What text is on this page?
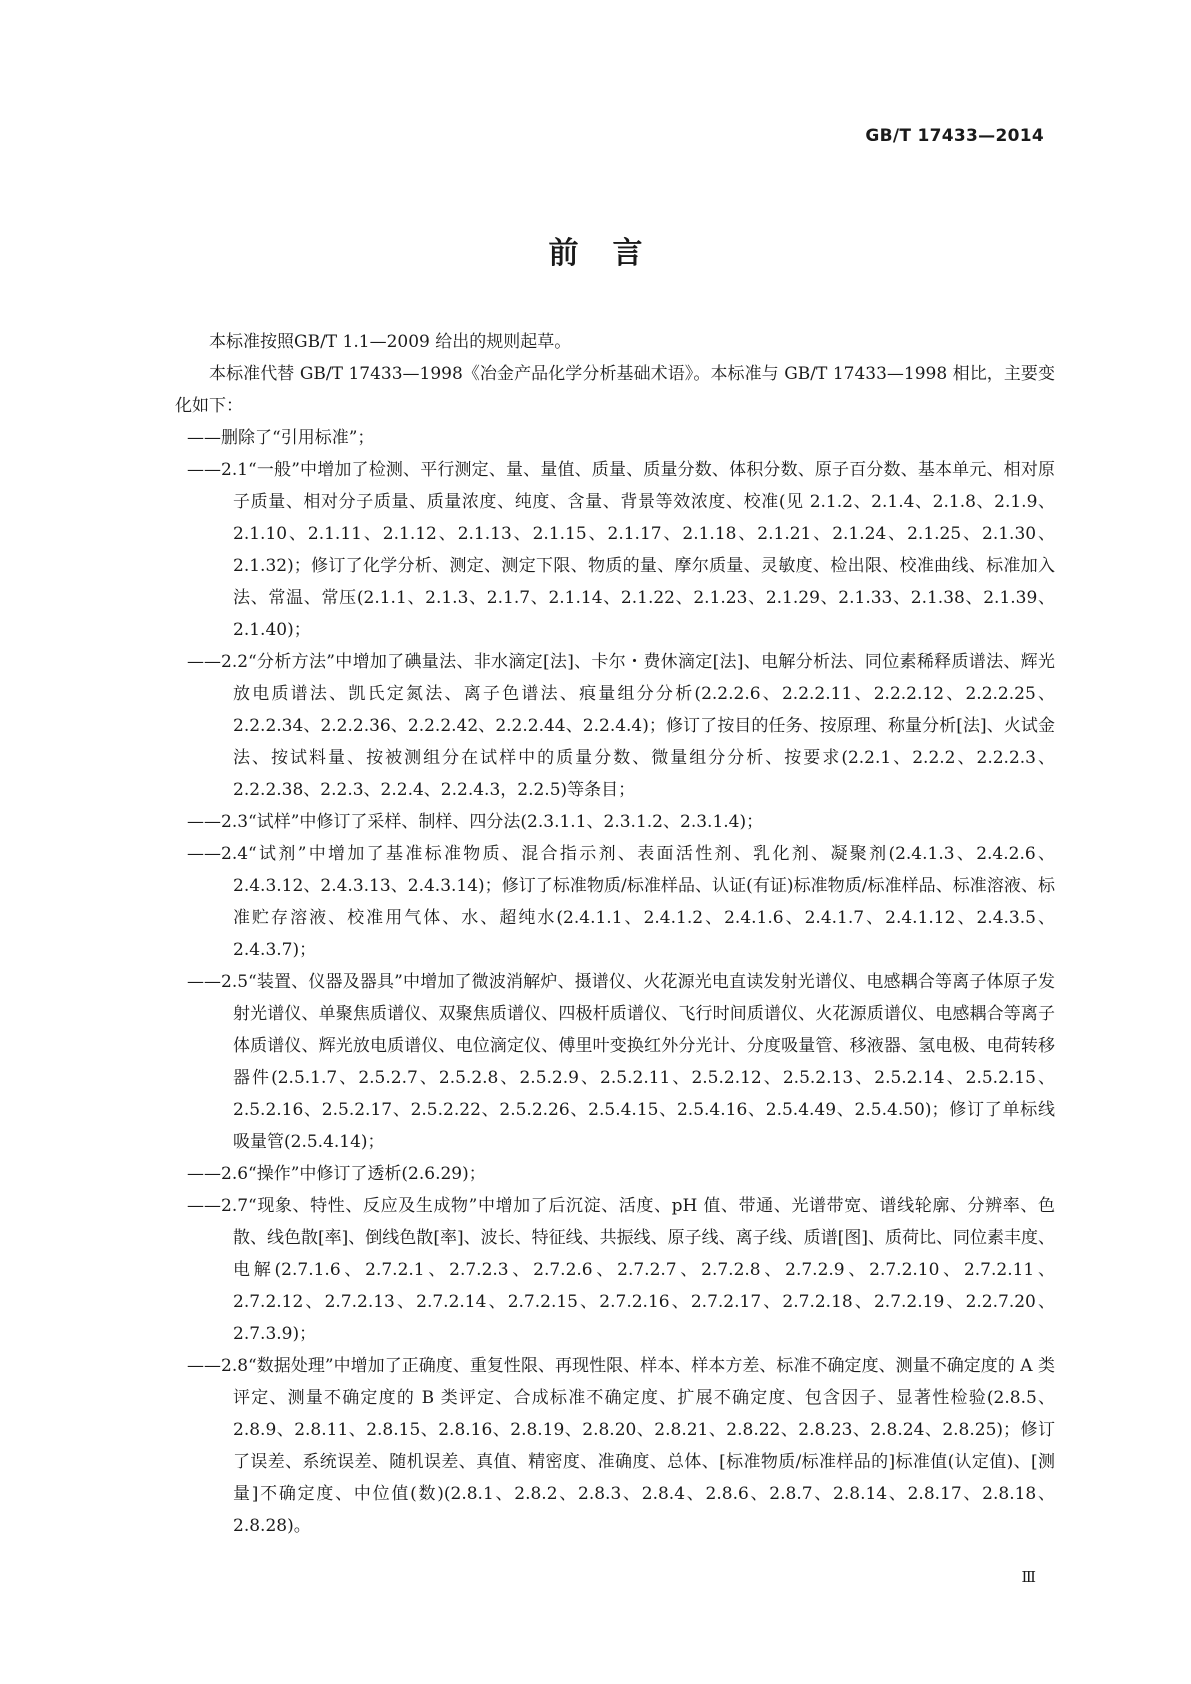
GB/T 17433—2014
前言

本标准按照GB/T 1.1—2009 给出的规则起草。

本标准代替 GB/T 17433—1998《冶金产品化学分析基础术语》。本标准与 GB/T 17433—1998 相比，主要变化如下：

——删除了“引用标准”；

——2.1“一般”中增加了检测、平行测定、量、量值、质量、质量分数、体积分数、原子百分数、基本单元、相对原子质量、相对分子质量、质量浓度、纯度、含量、背景等效浓度、校准(见 2.1.2、2.1.4、2.1.8、2.1.9、2.1.10、2.1.11、2.1.12、2.1.13、2.1.15、2.1.17、2.1.18、2.1.21、2.1.24、2.1.25、2.1.30、2.1.32)；修订了化学分析、测定、测定下限、物质的量、摩尔质量、灵敏度、检出限、校准曲线、标准加入法、常温、常压(2.1.1、2.1.3、2.1.7、2.1.14、2.1.22、2.1.23、2.1.29、2.1.33、2.1.38、2.1.39、2.1.40)；

——2.2“分析方法”中增加了碘量法、非水滴定[法]、卡尔・费休滴定[法]、电解分析法、同位素稀释质谱法、辉光放电质谱法、凯氏定氮法、离子色谱法、痕量组分分析(2.2.2.6、2.2.2.11、2.2.2.12、2.2.2.25、2.2.2.34、2.2.2.36、2.2.2.42、2.2.2.44、2.2.4.4)；修订了按目的任务、按原理、称量分析[法]、火试金法、按试料量、按被测组分在试样中的质量分数、微量组分分析、按要求(2.2.1、2.2.2、2.2.2.3、2.2.2.38、2.2.3、2.2.4、2.2.4.3，2.2.5)等条目；

——2.3“试样”中修订了采样、制样、四分法(2.3.1.1、2.3.1.2、2.3.1.4)；

——2.4“试剂”中增加了基准标准物质、混合指示剂、表面活性剂、乳化剂、凝聚剂(2.4.1.3、2.4.2.6、2.4.3.12、2.4.3.13、2.4.3.14)；修订了标准物质/标准样品、认证(有证)标准物质/标准样品、标准溶液、标准贮存溶液、校准用气体、水、超纯水(2.4.1.1、2.4.1.2、2.4.1.6、2.4.1.7、2.4.1.12、2.4.3.5、2.4.3.7)；

——2.5“装置、仪器及器具”中增加了微波消解炉、摄谱仪、火花源光电直读发射光谱仪、电感耦合等离子体原子发射光谱仪、单聚焦质谱仪、双聚焦质谱仪、四极杆质谱仪、飞行时间质谱仪、火花源质谱仪、电感耦合等离子体质谱仪、辉光放电质谱仪、电位滴定仪、傅里叶变换红外分光计、分度吸量管、移液器、氢电极、电荷转移器件(2.5.1.7、2.5.2.7、2.5.2.8、2.5.2.9、2.5.2.11、2.5.2.12、2.5.2.13、2.5.2.14、2.5.2.15、2.5.2.16、2.5.2.17、2.5.2.22、2.5.2.26、2.5.4.15、2.5.4.16、2.5.4.49、2.5.4.50)；修订了单标线吸量管(2.5.4.14)；

——2.6“操作”中修订了透析(2.6.29)；

——2.7“现象、特性、反应及生成物”中增加了后沉淀、活度、pH 值、带通、光谱带宽、谱线轮廓、分辨率、色散、线色散[率]、倒线色散[率]、波长、特征线、共振线、原子线、离子线、质谱[图]、质荷比、同位素丰度、电解(2.7.1.6、2.7.2.1、2.7.2.3、2.7.2.6、2.7.2.7、2.7.2.8、2.7.2.9、2.7.2.10、2.7.2.11、2.7.2.12、2.7.2.13、2.7.2.14、2.7.2.15、2.7.2.16、2.7.2.17、2.7.2.18、2.7.2.19、2.2.7.20、2.7.3.9)；

——2.8“数据处理”中增加了正确度、重复性限、再现性限、样本、样本方差、标准不确定度、测量不确定度的 A 类评定、测量不确定度的 B 类评定、合成标准不确定度、扩展不确定度、包含因子、显著性检验(2.8.5、2.8.9、2.8.11、2.8.15、2.8.16、2.8.19、2.8.20、2.8.21、2.8.22、2.8.23、2.8.24、2.8.25)；修订了误差、系统误差、随机误差、真值、精密度、准确度、总体、[标准物质/标准样品的]标准值(认定值)、[测量]不确定度、中位值(数)(2.8.1、2.8.2、2.8.3、2.8.4、2.8.6、2.8.7、2.8.14、2.8.17、2.8.18、2.8.28)。

Ⅲ
